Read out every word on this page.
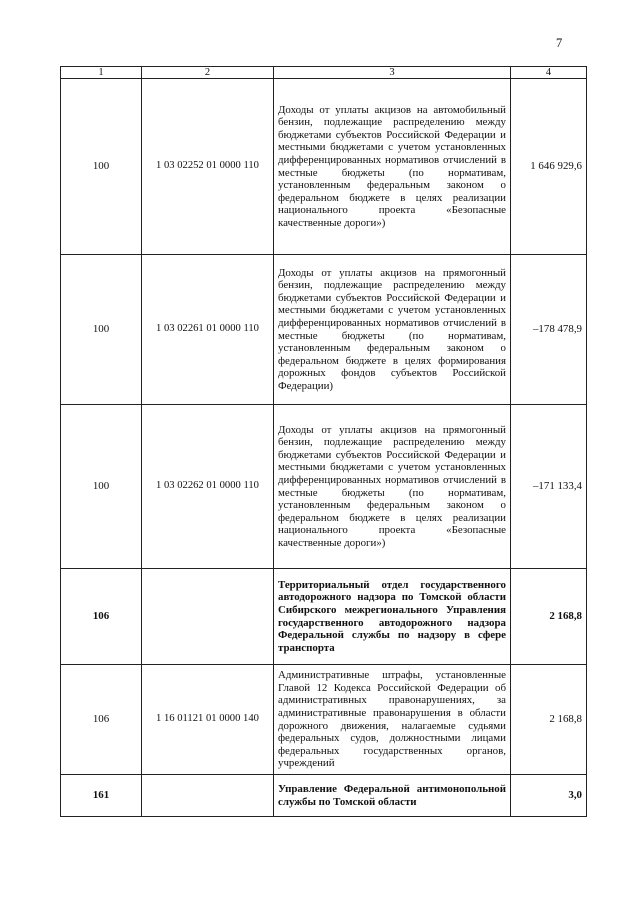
7
1	2	3	4
100	1 03 02252 01 0000 110	Доходы от уплаты акцизов на автомобильный бензин, подлежащие распределению между бюджетами субъектов Российской Федерации и местными бюджетами с учетом установленных дифференцированных нормативов отчислений в местные бюджеты (по нормативам, установленным федеральным законом о федеральном бюджете в целях реализации национального проекта «Безопасные качественные дороги»)	1 646 929,6
100	1 03 02261 01 0000 110	Доходы от уплаты акцизов на прямогонный бензин, подлежащие распределению между бюджетами субъектов Российской Федерации и местными бюджетами с учетом установленных дифференцированных нормативов отчислений в местные бюджеты (по нормативам, установленным федеральным законом о федеральном бюджете в целях формирования дорожных фондов субъектов Российской Федерации)	–178 478,9
100	1 03 02262 01 0000 110	Доходы от уплаты акцизов на прямогонный бензин, подлежащие распределению между бюджетами субъектов Российской Федерации и местными бюджетами с учетом установленных дифференцированных нормативов отчислений в местные бюджеты (по нормативам, установленным федеральным законом о федеральном бюджете в целях реализации национального проекта «Безопасные качественные дороги»)	–171 133,4
106		Территориальный отдел государственного автодорожного надзора по Томской области Сибирского межрегионального Управления государственного автодорожного надзора Федеральной службы по надзору в сфере транспорта	2 168,8
106	1 16 01121 01 0000 140	Административные штрафы, установленные Главой 12 Кодекса Российской Федерации об административных правонарушениях, за административные правонарушения в области дорожного движения, налагаемые судьями федеральных судов, должностными лицами федеральных государственных органов, учреждений	2 168,8
161		Управление Федеральной антимонопольной службы по Томской области	3,0
